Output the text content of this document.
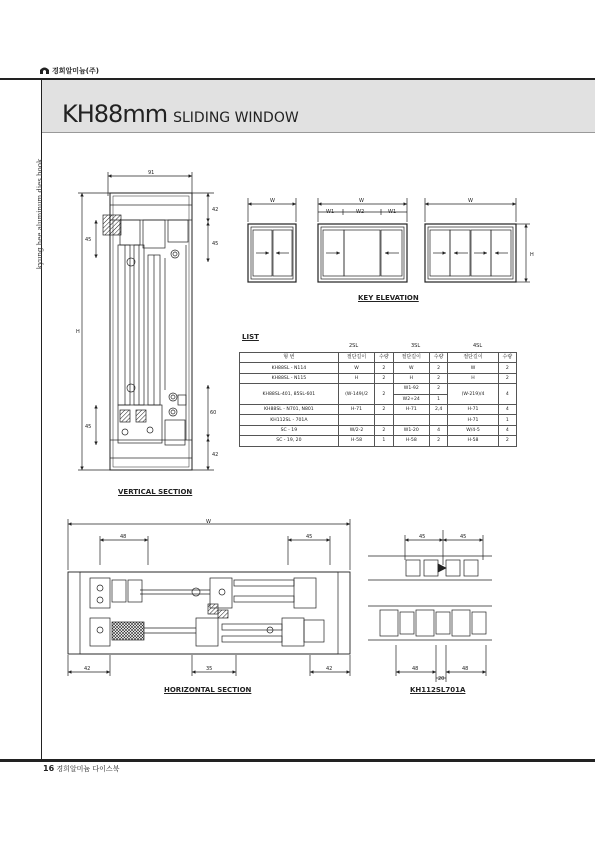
경희알미늄(주)
kyung hee aluminum dies book
KH88mm SLIDING WINDOW
91
42
45
45
H
45
60
42
W	W
W1	W2	W1
W
H
W
48	45
42	35	42
45	45
48	48
20
VERTICAL SECTION
KEY ELEVATION
HORIZONTAL SECTION	KH112SL701A
LIST
2SL	3SL	4SL
형 번	절단길이	수량	절단길이	수량	절단길이	수량
KH88SL - N114	W	2	W	2	W	2
KH88SL - N115	H	2	H	2	H	2
KH88SL-401, 85SL-601	(W-149)/2	2	W1-92	2	(W-219)/4	4
			W2+24	1		
KH88SL - N701, N801	H-71	2	H-71	2,4	H-71	4
KH112SL - 701A					H-71	1
SC - 19	W/2-2	2	W1-20	4	W/4-5	4
SC - 19, 20	H-58	1	H-58	2	H-58	2
16 경희알미늄 다이스북
